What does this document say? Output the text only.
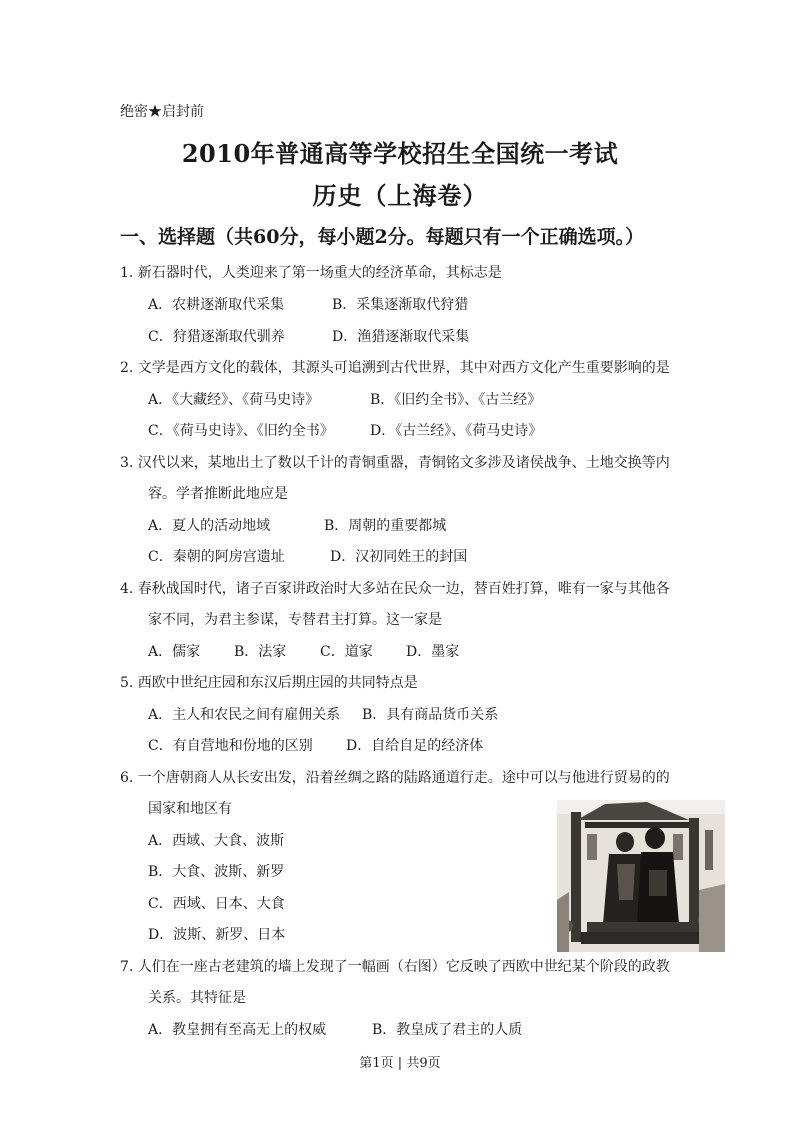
绝密★启封前
2010年普通高等学校招生全国统一考试
历史（上海卷）
一、选择题（共60分，每小题2分。每题只有一个正确选项。）
1. 新石器时代，人类迎来了第一场重大的经济革命，其标志是
A．农耕逐渐取代采集	B．采集逐渐取代狩猎
C．狩猎逐渐取代驯养	D．渔猎逐渐取代采集
2. 文学是西方文化的载体，其源头可追溯到古代世界，其中对西方文化产生重要影响的是
A．《大藏经》、《荷马史诗》	B．《旧约全书》、《古兰经》
C．《荷马史诗》、《旧约全书》	D．《古兰经》、《荷马史诗》
3. 汉代以来，某地出土了数以千计的青铜重器，青铜铭文多涉及诸侯战争、土地交换等内
容。学者推断此地应是
A．夏人的活动地域	B．周朝的重要都城
C．秦朝的阿房宫遗址	D．汉初同姓王的封国
4. 春秋战国时代，诸子百家讲政治时大多站在民众一边，替百姓打算，唯有一家与其他各
家不同，为君主参谋，专替君主打算。这一家是
A．儒家 B．法家 C．道家 D．墨家
5. 西欧中世纪庄园和东汉后期庄园的共同特点是
A．主人和农民之间有雇佣关系 B．具有商品货币关系
C．有自营地和份地的区别 D．自给自足的经济体
6. 一个唐朝商人从长安出发，沿着丝绸之路的陆路通道行走。途中可以与他进行贸易的的
国家和地区有
A．西域、大食、波斯
B．大食、波斯、新罗
C．西域、日本、大食
D．波斯、新罗、日本
7. 人们在一座古老建筑的墙上发现了一幅画（右图）它反映了西欧中世纪某个阶段的政教
关系。其特征是
A．教皇拥有至高无上的权威	B．教皇成了君主的人质
第1页 | 共9页
